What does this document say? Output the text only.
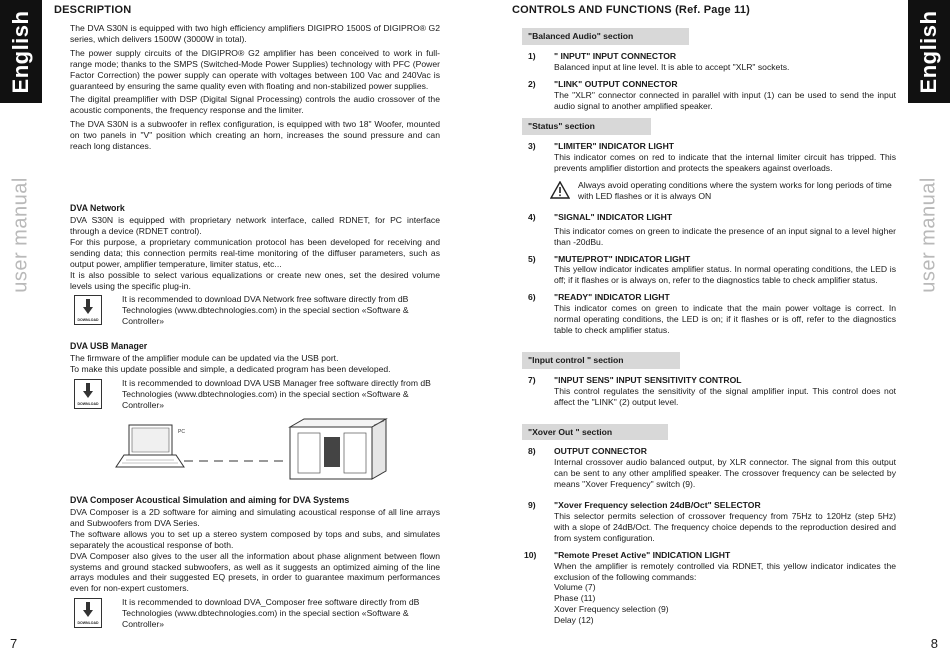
English
user manual
7
English
user manual
8
DESCRIPTION

The DVA S30N is equipped with two high efficiency amplifiers DIGIPRO 1500S of DIGIPRO® G2 series, which delivers 1500W (3000W in total).

The power supply circuits of the DIGIPRO® G2 amplifier has been conceived to work in full-range mode; thanks to the SMPS (Switched-Mode Power Supplies) technology with PFC (Power Factor Correction) the power supply can operate with voltages between 100 Vac and 240Vac is guaranteed by ensuring the same quality even with floating and non-stabilized power supplies.

The digital preamplifier with DSP (Digital Signal Processing) controls the audio crossover of the acoustic components, the frequency response and the limiter.

The DVA S30N is a subwoofer in reflex configuration, is equipped with two 18" Woofer, mounted on two panels in "V" position which creating an horn, increases the sound pressure and can reach long distances.

DVA Network

DVA S30N is equipped with proprietary network interface, called RDNET, for PC interface through a device (RDNET control).

For this purpose, a proprietary communication protocol has been developed for receiving and sending data; this connection permits real-time monitoring of the diffuser parameters, such as output power, amplifier temperature, limiter status, etc...

It is also possible to select various equalizations or create new ones, set the desired volume levels using the specific plug-in.

DOWNLOAD
It is recommended to download DVA Network free software directly from dB Technologies (www.dbtechnologies.com) in the special section «Software & Controller»
DVA USB Manager

The firmware of the amplifier module can be updated via the USB port.

To make this update possible and simple, a dedicated program has been developed.

DOWNLOAD
It is recommended to download DVA USB Manager free software directly from dB Technologies (www.dbtechnologies.com) in the special section «Software & Controller»
PC
DVA Composer Acoustical Simulation and aiming for DVA Systems

DVA Composer is a 2D software for aiming and simulating acoustical response of all line arrays and Subwoofers from DVA Series.

The software allows you to set up a stereo system composed by tops and subs, and simulates separately the acoustical response of both.

DVA Composer also gives to the user all the information about phase alignment between flown systems and ground stacked subwoofers, as well as it suggests an optimized aiming of the line arrays modules and their suggested EQ presets, in order to guarantee maximum performances even for non-expert customers.

DOWNLOAD
It is recommended to download DVA_Composer free software directly from dB Technologies (www.dbtechnologies.com) in the special section «Software & Controller»
CONTROLS AND FUNCTIONS (Ref. Page 11)
"Balanced Audio" section
1) " INPUT" INPUT CONNECTOR
Balanced input at line level. It is able to accept "XLR" sockets.
2) "LINK" OUTPUT CONNECTOR
The "XLR" connector connected in parallel with input (1) can be used to send the input audio signal to another amplified speaker.
"Status" section
3) "LIMITER" INDICATOR LIGHT
This indicator comes on red to indicate that the internal limiter circuit has tripped. This prevents amplifier distortion and protects the speakers against overloads.
Always avoid operating conditions where the system works for long periods of time with LED flashes or it is always ON
4) "SIGNAL" INDICATOR LIGHT
This indicator comes on green to indicate the presence of an input signal to a level higher than -20dBu.
5) "MUTE/PROT" INDICATOR LIGHT
This yellow indicator indicates amplifier status. In normal operating conditions, the LED is off; if it flashes or is always on, refer to the diagnostics table to check amplifier status.
6) "READY" INDICATOR LIGHT
This indicator comes on green to indicate that the main power voltage is correct. In normal operating conditions, the LED is on; if it flashes or is off, refer to the diagnostics table to check amplifier status.
"Input control " section
7) "INPUT SENS" INPUT SENSITIVITY CONTROL
This control regulates the sensitivity of the signal amplifier input. This control does not affect the "LINK" (2) output level.
"Xover Out " section
8) OUTPUT CONNECTOR
Internal crossover audio balanced output, by XLR connector. The signal from this output can be sent to any other amplified speaker. The crossover frequency can be selected by means "Xover Frequency" switch (9).
9) "Xover Frequency selection 24dB/Oct" SELECTOR
This selector permits selection of crossover frequency from 75Hz to 120Hz (step 5Hz) with a slope of 24dB/Oct. The frequency choice depends to the reproduction desired and from system configuration.
10) "Remote Preset Active" INDICATION LIGHT
When the amplifier is remotely controlled via RDNET, this yellow indicator indicates the exclusion of the following commands:
Volume (7)
Phase (11)
Xover Frequency selection (9)
Delay (12)
